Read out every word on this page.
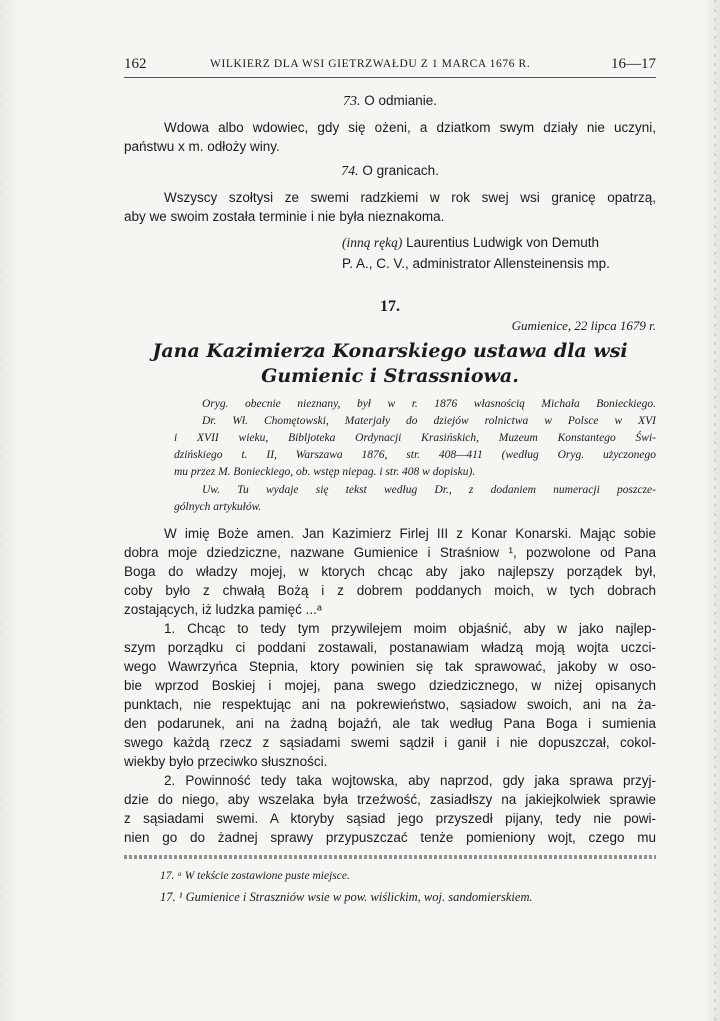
162	WILKIERZ DLA WSI GIETRZWAŁDU Z 1 MARCA 1676 R.	16—17
73. O odmianie.
Wdowa albo wdowiec, gdy się ożeni, a dziatkom swym działy nie uczyni,
państwu x m. odłoży winy.
74. O granicach.
Wszyscy szołtysi ze swemi radzkiemi w rok swej wsi granicę opatrzą,
aby we swoim została terminie i nie była nieznakoma.
(inną ręką) Laurentius Ludwigk von Demuth
P. A., C. V., administrator Allensteinensis mp.
17.
Gumienice, 22 lipca 1679 r.
Jana Kazimierza Konarskiego ustawa dla wsi
Gumienic i Strassniowa.
Oryg. obecnie nieznany, był w r. 1876 własnością Michała Bonieckiego.
Dr. Wł. Chomętowski, Materjały do dziejów rolnictwa w Polsce w XVI
i XVII wieku, Bibljoteka Ordynacji Krasińskich, Muzeum Konstantego Świ-
dzińskiego t. II, Warszawa 1876, str. 408—411 (według Oryg. użyczonego
mu przez M. Bonieckiego, ob. wstęp niepag. i str. 408 w dopisku).
Uw. Tu wydaje się tekst według Dr., z dodaniem numeracji poszcze-
gólnych artykułów.
W imię Boże amen. Jan Kazimierz Firlej III z Konar Konarski. Mając sobie
dobra moje dziedziczne, nazwane Gumienice i Straśniow ¹, pozwolone od Pana
Boga do władzy mojej, w ktorych chcąc aby jako najlepszy porządek był,
coby było z chwałą Bożą i z dobrem poddanych moich, w tych dobrach
zostających, iż ludzka pamięć ...ᵃ
1. Chcąc to tedy tym przywilejem moim objaśnić, aby w jako najlep-
szym porządku ci poddani zostawali, postanawiam władzą moją wojta uczci-
wego Wawrzyńca Stepnia, ktory powinien się tak sprawować, jakoby w oso-
bie wprzod Boskiej i mojej, pana swego dziedzicznego, w niżej opisanych
punktach, nie respektując ani na pokrewieństwo, sąsiadow swoich, ani na ża-
den podarunek, ani na żadną bojaźń, ale tak według Pana Boga i sumienia
swego każdą rzecz z sąsiadami swemi sądził i ganił i nie dopuszczał, cokol-
wiekby było przeciwko słuszności.
2. Powinność tedy taka wojtowska, aby naprzod, gdy jaka sprawa przyj-
dzie do niego, aby wszelaka była trzeźwość, zasiadłszy na jakiejkolwiek sprawie
z sąsiadami swemi. A ktoryby sąsiad jego przyszedł pijany, tedy nie powi-
nien go do żadnej sprawy przypuszczać tenże pomieniony wojt, czego mu
17. ᵃ W tekście zostawione puste miejsce.
17. ¹ Gumienice i Straszniów wsie w pow. wiślickim, woj. sandomierskiem.
